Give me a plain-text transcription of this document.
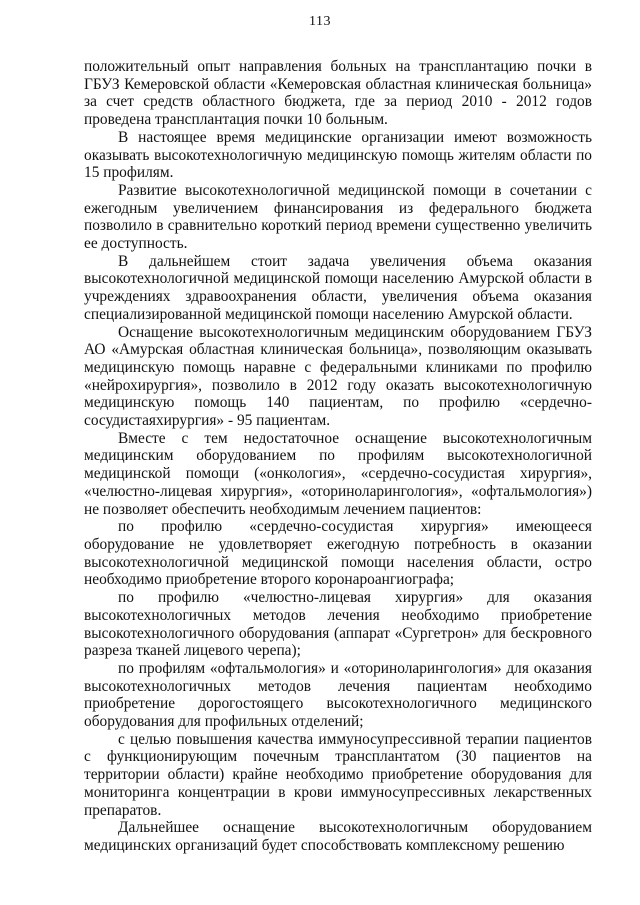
113

положительный опыт направления больных на трансплантацию почки в ГБУЗ Кемеровской области «Кемеровская областная клиническая больница» за счет средств областного бюджета, где за период 2010 - 2012 годов проведена трансплантация почки 10 больным.

В настоящее время медицинские организации имеют возможность оказывать высокотехнологичную медицинскую помощь жителям области по 15 профилям.

Развитие высокотехнологичной медицинской помощи в сочетании с ежегодным увеличением финансирования из федерального бюджета позволило в сравнительно короткий период времени существенно увеличить ее доступность.

В дальнейшем стоит задача увеличения объема оказания высокотехнологичной медицинской помощи населению Амурской области в учреждениях здравоохранения области, увеличения объема оказания специализированной медицинской помощи населению Амурской области.

Оснащение высокотехнологичным медицинским оборудованием ГБУЗ АО «Амурская областная клиническая больница», позволяющим оказывать медицинскую помощь наравне с федеральными клиниками по профилю «нейрохирургия», позволило в 2012 году оказать высокотехнологичную медицинскую помощь 140 пациентам, по профилю «сердечно-сосудистаяхирургия» - 95 пациентам.

Вместе с тем недостаточное оснащение высокотехнологичным медицинским оборудованием по профилям высокотехнологичной медицинской помощи («онкология», «сердечно-сосудистая хирургия», «челюстно-лицевая хирургия», «оториноларингология», «офтальмология») не позволяет обеспечить необходимым лечением пациентов:

по профилю «сердечно-сосудистая хирургия» имеющееся оборудование не удовлетворяет ежегодную потребность в оказании высокотехнологичной медицинской помощи населения области, остро необходимо приобретение второго коронароангиографа;

по профилю «челюстно-лицевая хирургия» для оказания высокотехнологичных методов лечения необходимо приобретение высокотехнологичного оборудования (аппарат «Сургетрон» для бескровного разреза тканей лицевого черепа);

по профилям «офтальмология» и «оториноларингология» для оказания высокотехнологичных методов лечения пациентам необходимо приобретение дорогостоящего высокотехнологичного медицинского оборудования для профильных отделений;

с целью повышения качества иммуносупрессивной терапии пациентов с функционирующим почечным трансплантатом (30 пациентов на территории области) крайне необходимо приобретение оборудования для мониторинга концентрации в крови иммуносупрессивных лекарственных препаратов.

Дальнейшее оснащение высокотехнологичным оборудованием медицинских организаций будет способствовать комплексному решению
